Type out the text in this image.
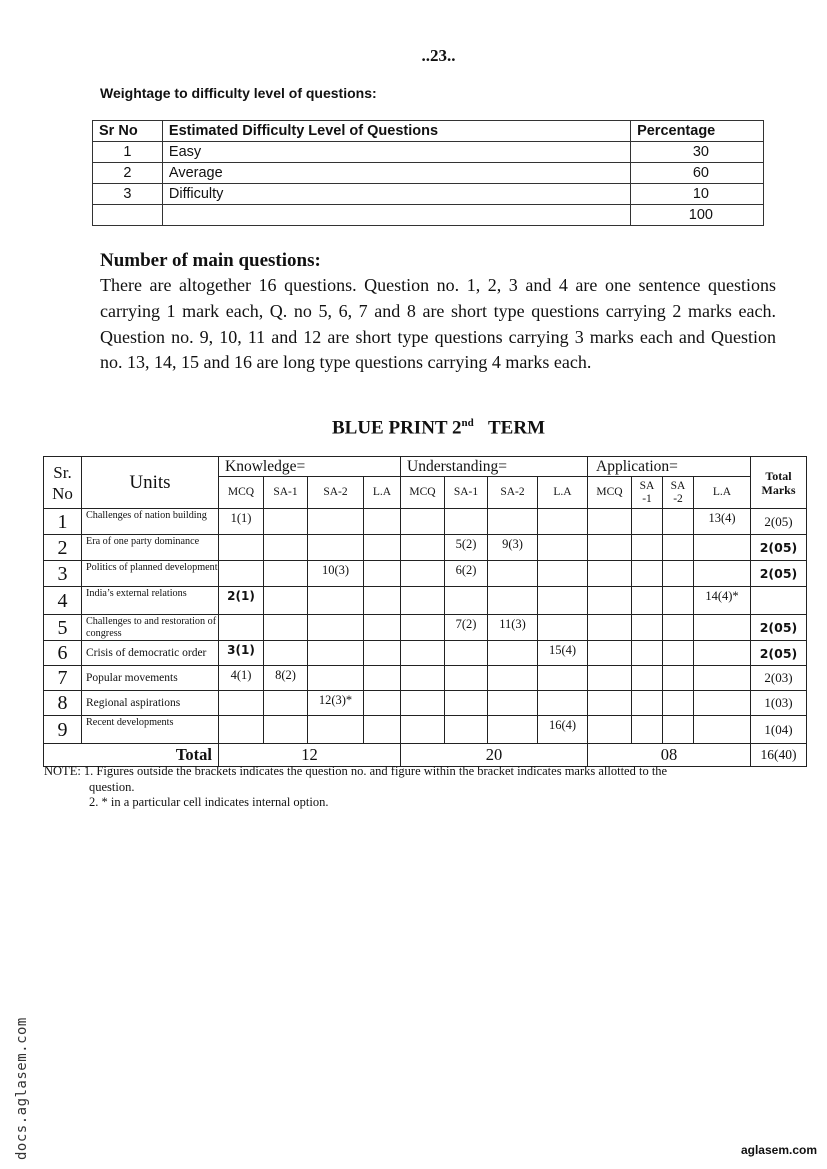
..23..
Weightage to difficulty level of questions:
Sr No	Estimated Difficulty Level of Questions	Percentage
1	Easy	30
2	Average	60
3	Difficulty	10
		100
Number of main questions:
There are altogether 16 questions. Question no. 1, 2, 3 and 4 are one sentence questions carrying 1 mark each, Q. no 5, 6, 7 and 8 are short type questions carrying 2 marks each. Question no. 9, 10, 11 and 12 are short type questions carrying 3 marks each and Question no. 13, 14, 15 and 16 are long type questions carrying 4 marks each.
BLUE PRINT 2nd TERM
Sr. No	Units	Knowledge=				Understanding=				Application=				Total Marks
		MCQ	SA-1	SA-2	L.A	MCQ	SA-1	SA-2	L.A	MCQ	SA -1	SA -2	L.A	
1	Challenges of nation building	1(1)											13(4)	2(05)
2	Era of one party dominance						5(2)	9(3)						2(05)
3	Politics of planned development			10(3)			6(2)							2(05)
4	India’s external relations	2(1)											14(4)*	
5	Challenges to and restoration of congress						7(2)	11(3)						2(05)
6	Crisis of democratic order	3(1)							15(4)					2(05)
7	Popular movements	4(1)	8(2)											2(03)
8	Regional aspirations			12(3)*										1(03)
9	Recent developments								16(4)					1(04)
Total		12				20				08				16(40)
NOTE: 1. Figures outside the brackets indicates the question no. and figure within the bracket indicates marks allotted to the
question.
2. * in a particular cell indicates internal option.
docs.aglasem.com	aglasem.com
